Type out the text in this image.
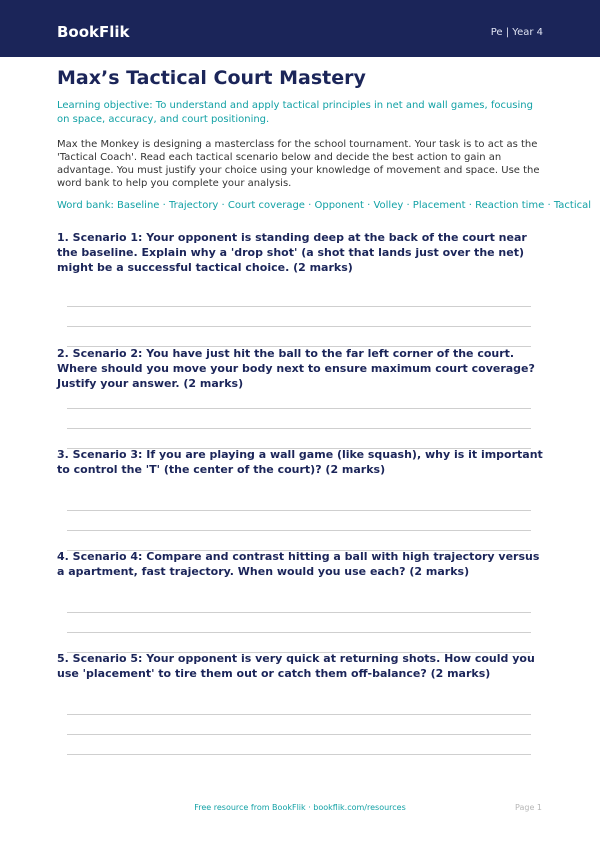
BookFlik	Pe | Year 4
Max’s Tactical Court Mastery
Learning objective: To understand and apply tactical principles in net and wall games, focusing on space, accuracy, and court positioning.
Max the Monkey is designing a masterclass for the school tournament. Your task is to act as the 'Tactical Coach'. Read each tactical scenario below and decide the best action to gain an advantage. You must justify your choice using your knowledge of movement and space. Use the word bank to help you complete your analysis.
Word bank: Baseline · Trajectory · Court coverage · Opponent · Volley · Placement · Reaction time · Tactical
1. Scenario 1: Your opponent is standing deep at the back of the court near the baseline. Explain why a 'drop shot' (a shot that lands just over the net) might be a successful tactical choice. (2 marks)
2. Scenario 2: You have just hit the ball to the far left corner of the court. Where should you move your body next to ensure maximum court coverage? Justify your answer. (2 marks)
3. Scenario 3: If you are playing a wall game (like squash), why is it important to control the 'T' (the center of the court)? (2 marks)
4. Scenario 4: Compare and contrast hitting a ball with high trajectory versus a apartment, fast trajectory. When would you use each? (2 marks)
5. Scenario 5: Your opponent is very quick at returning shots. How could you use 'placement' to tire them out or catch them off-balance? (2 marks)
Free resource from BookFlik · bookflik.com/resources	Page 1
